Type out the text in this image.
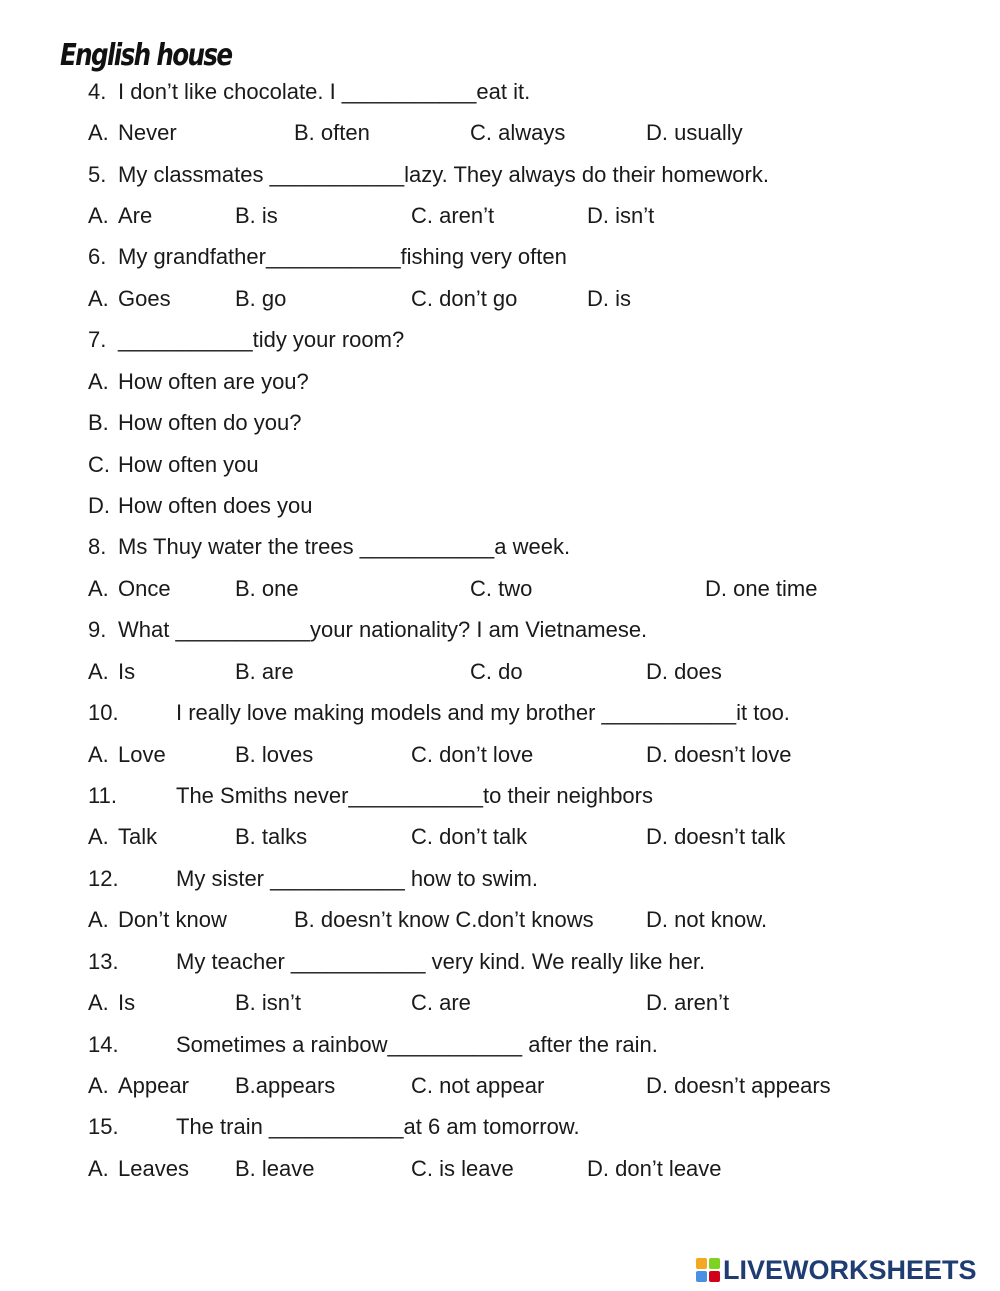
English house
4. I don’t like chocolate. I ___________eat it.
A. Never	B. often	C. always	D. usually
5. My classmates ___________lazy. They always do their homework.
A. Are	B. is	C. aren’t	D. isn’t
6. My grandfather___________fishing very often
A. Goes	B. go	C. don’t go	D. is
7. ___________tidy your room?
A. How often are you?
B. How often do you?
C. How often you
D. How often does you
8. Ms Thuy water the trees ___________a week.
A. Once	B. one	C. two	D. one time
9. What ___________your nationality? I am Vietnamese.
A. Is	B. are	C. do	D. does
10.	I really love making models and my brother ___________it too.
A. Love	B. loves	C. don’t love	D. doesn’t love
11.	The Smiths never___________to their neighbors
A. Talk	B. talks	C. don’t talk	D. doesn’t talk
12.	My sister ___________ how to swim.
A. Don’t know	B. doesn’t know C.don’t knows D. not know.
13.	My teacher ___________ very kind. We really like her.
A. Is	B. isn’t	C. are	D. aren’t
14.	Sometimes a rainbow___________ after the rain.
A. Appear B.appears	C. not appear	D. doesn’t appears
15.	The train ___________at 6 am tomorrow.
A. Leaves B. leave	C. is leave	D. don’t leave
LIVEWORKSHEETS
